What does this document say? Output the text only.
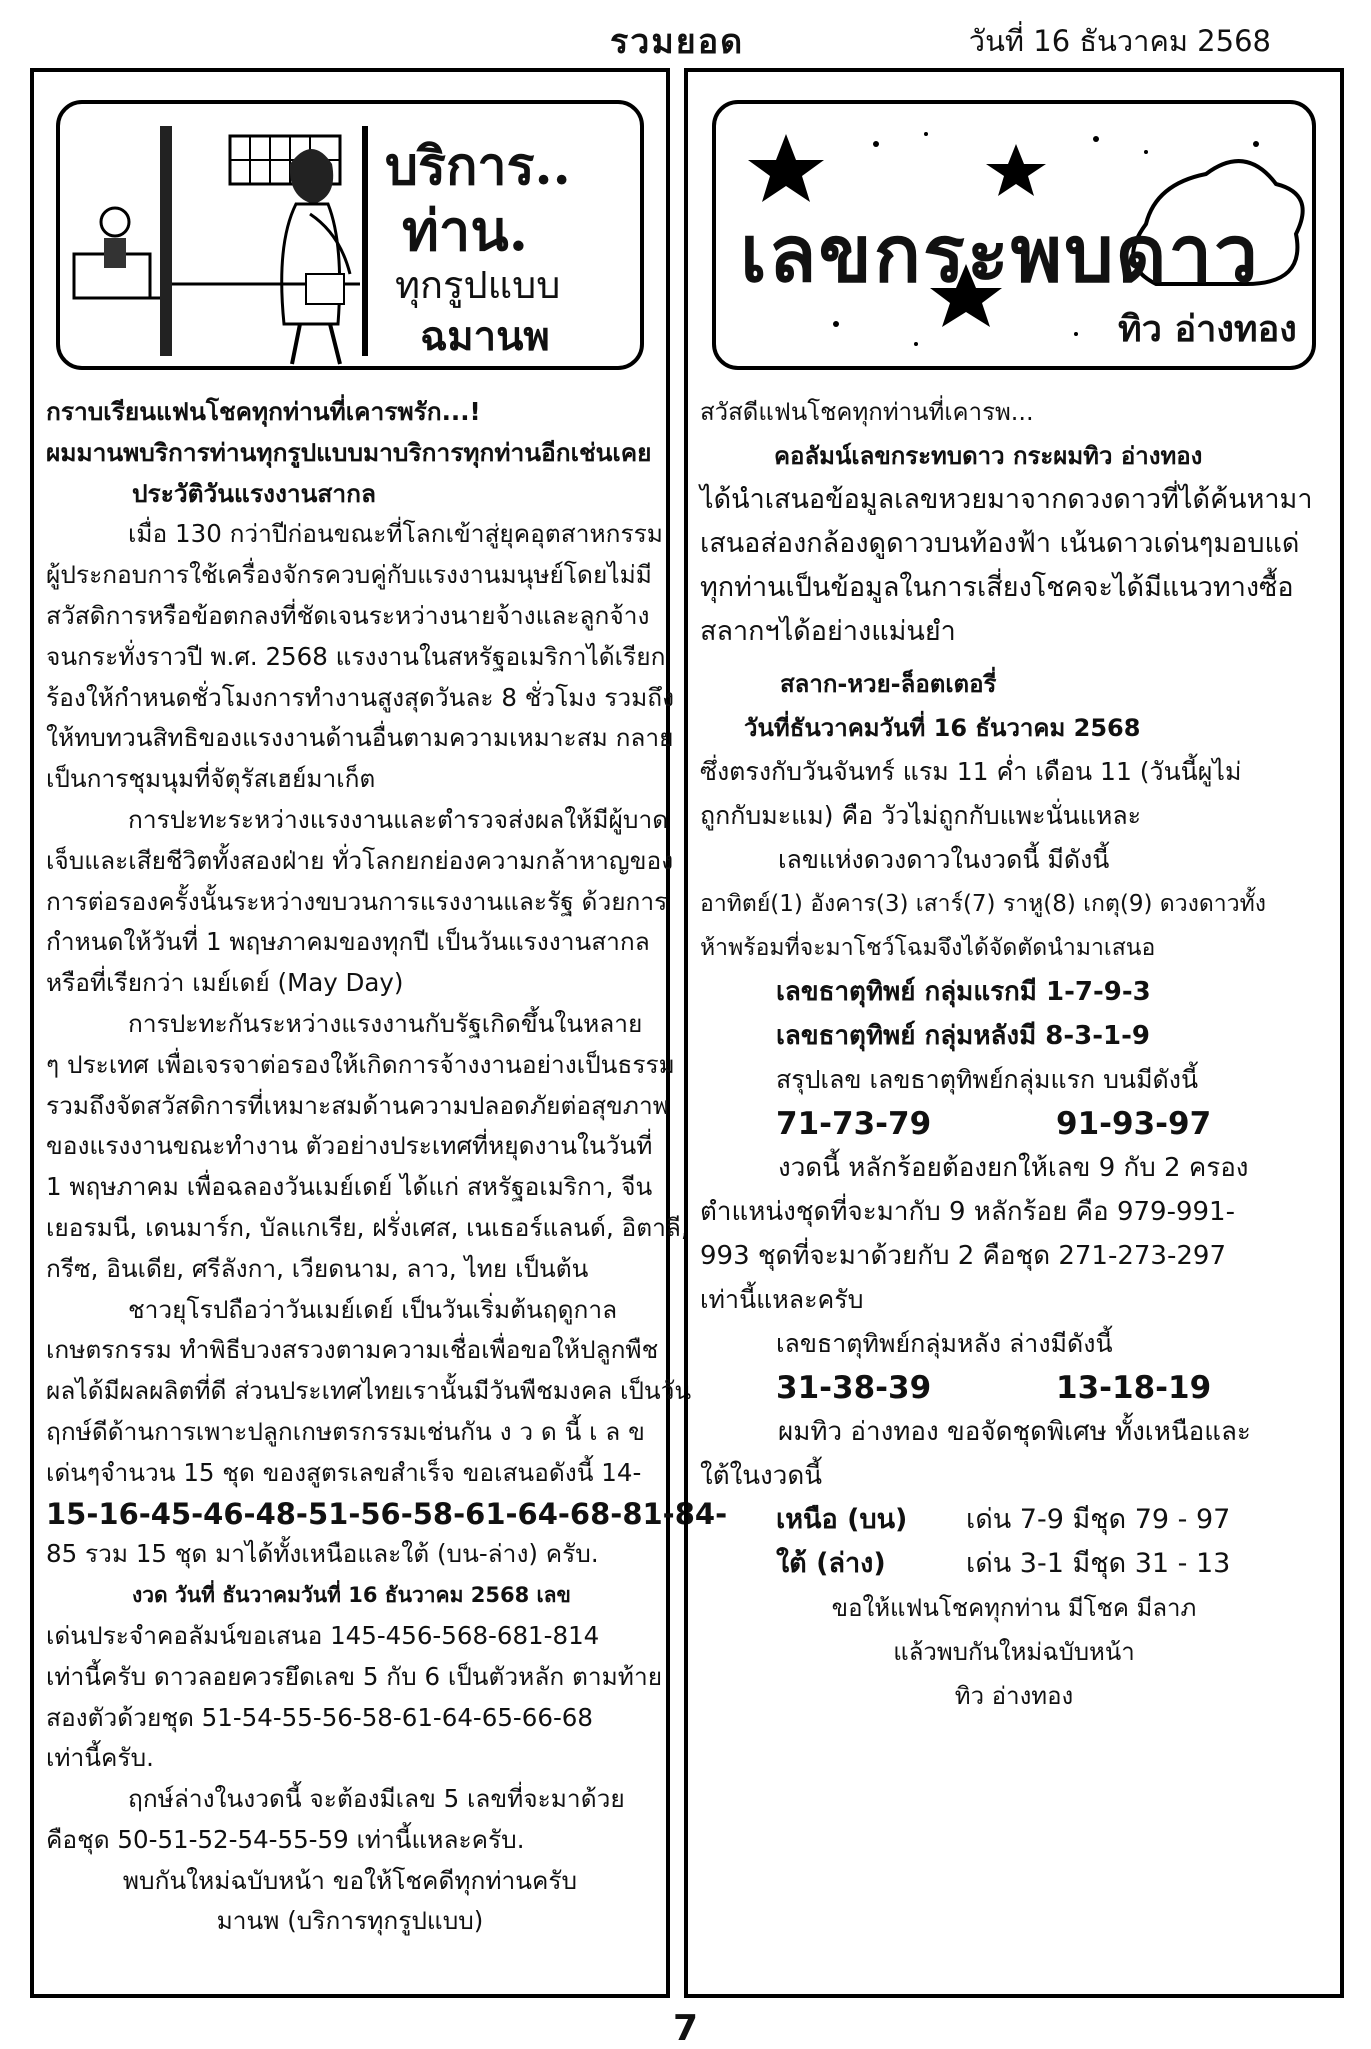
รวมยอด	วันที่ 16 ธันวาคม 2568
บริการ..
ท่าน.
ทุกรูปแบบ
ฉมานพ
กราบเรียนแฟนโชคทุกท่านที่เคารพรัก...!
ผมมานพบริการท่านทุกรูปแบบมาบริการทุกท่านอีกเช่นเคย
ประวัติวันแรงงานสากล
เมื่อ 130 กว่าปีก่อนขณะที่โลกเข้าสู่ยุคอุตสาหกรรม
ผู้ประกอบการใช้เครื่องจักรควบคู่กับแรงงานมนุษย์โดยไม่มี
สวัสดิการหรือข้อตกลงที่ชัดเจนระหว่างนายจ้างและลูกจ้าง
จนกระทั่งราวปี พ.ศ. 2568 แรงงานในสหรัฐอเมริกาได้เรียก
ร้องให้กำหนดชั่วโมงการทำงานสูงสุดวันละ 8 ชั่วโมง รวมถึง
ให้ทบทวนสิทธิของแรงงานด้านอื่นตามความเหมาะสม กลาย
เป็นการชุมนุมที่จัตุรัสเฮย์มาเก็ต
การปะทะระหว่างแรงงานและตำรวจส่งผลให้มีผู้บาด
เจ็บและเสียชีวิตทั้งสองฝ่าย ทั่วโลกยกย่องความกล้าหาญของ
การต่อรองครั้งนั้นระหว่างขบวนการแรงงานและรัฐ ด้วยการ
กำหนดให้วันที่ 1 พฤษภาคมของทุกปี เป็นวันแรงงานสากล
หรือที่เรียกว่า เมย์เดย์ (May Day)
การปะทะกันระหว่างแรงงานกับรัฐเกิดขึ้นในหลาย
ๆ ประเทศ เพื่อเจรจาต่อรองให้เกิดการจ้างงานอย่างเป็นธรรม
รวมถึงจัดสวัสดิการที่เหมาะสมด้านความปลอดภัยต่อสุขภาพ
ของแรงงานขณะทำงาน ตัวอย่างประเทศที่หยุดงานในวันที่
1 พฤษภาคม เพื่อฉลองวันเมย์เดย์ ได้แก่ สหรัฐอเมริกา, จีน
เยอรมนี, เดนมาร์ก, บัลแกเรีย, ฝรั่งเศส, เนเธอร์แลนด์, อิตาลี,
กรีซ, อินเดีย, ศรีลังกา, เวียดนาม, ลาว, ไทย เป็นต้น
ชาวยุโรปถือว่าวันเมย์เดย์ เป็นวันเริ่มต้นฤดูกาล
เกษตรกรรม ทำพิธีบวงสรวงตามความเชื่อเพื่อขอให้ปลูกพืช
ผลได้มีผลผลิตที่ดี ส่วนประเทศไทยเรานั้นมีวันพืชมงคล เป็นวัน
ฤกษ์ดีด้านการเพาะปลูกเกษตรกรรมเช่นกัน ง ว ด นี้ เ ล ข
เด่นๆจำนวน 15 ชุด ของสูตรเลขสำเร็จ ขอเสนอดังนี้ 14-
15-16-45-46-48-51-56-58-61-64-68-81-84-
85 รวม 15 ชุด มาได้ทั้งเหนือและใต้ (บน-ล่าง) ครับ.
งวด วันที่ ธันวาคมวันที่ 16 ธันวาคม 2568 เลข
เด่นประจำคอลัมน์ขอเสนอ 145-456-568-681-814
เท่านี้ครับ ดาวลอยควรยึดเลข 5 กับ 6 เป็นตัวหลัก ตามท้าย
สองตัวด้วยชุด 51-54-55-56-58-61-64-65-66-68
เท่านี้ครับ.
ฤกษ์ล่างในงวดนี้ จะต้องมีเลข 5 เลขที่จะมาด้วย
คือชุด 50-51-52-54-55-59 เท่านี้แหละครับ.
พบกันใหม่ฉบับหน้า ขอให้โชคดีทุกท่านครับ
มานพ (บริการทุกรูปแบบ)
เลขกระพบดาว
ทิว อ่างทอง
สวัสดีแฟนโชคทุกท่านที่เคารพ...
คอลัมน์เลขกระทบดาว กระผมทิว อ่างทอง
ได้นำเสนอข้อมูลเลขหวยมาจากดวงดาวที่ได้ค้นหามา
เสนอส่องกล้องดูดาวบนท้องฟ้า เน้นดาวเด่นๆมอบแด่
ทุกท่านเป็นข้อมูลในการเสี่ยงโชคจะได้มีแนวทางซื้อ
สลากฯได้อย่างแม่นยำ
สลาก-หวย-ล็อตเตอรี่
วันที่ธันวาคมวันที่ 16 ธันวาคม 2568
ซึ่งตรงกับวันจันทร์ แรม 11 ค่ำ เดือน 11 (วันนี้ผูไม่
ถูกกับมะแม) คือ วัวไม่ถูกกับแพะนั่นแหละ
เลขแห่งดวงดาวในงวดนี้ มีดังนี้
อาทิตย์(1) อังคาร(3) เสาร์(7) ราหู(8) เกตุ(9) ดวงดาวทั้ง
ห้าพร้อมที่จะมาโชว์โฉมจึงได้จัดตัดนำมาเสนอ
เลขธาตุทิพย์ กลุ่มแรกมี 1-7-9-3
เลขธาตุทิพย์ กลุ่มหลังมี 8-3-1-9
สรุปเลข เลขธาตุทิพย์กลุ่มแรก บนมีดังนี้
71-73-79	91-93-97
งวดนี้ หลักร้อยต้องยกให้เลข 9 กับ 2 ครอง
ตำแหน่งชุดที่จะมากับ 9 หลักร้อย คือ 979-991-
993 ชุดที่จะมาด้วยกับ 2 คือชุด 271-273-297
เท่านี้แหละครับ
เลขธาตุทิพย์กลุ่มหลัง ล่างมีดังนี้
31-38-39	13-18-19
ผมทิว อ่างทอง ขอจัดชุดพิเศษ ทั้งเหนือและ
ใต้ในงวดนี้
เหนือ (บน) เด่น 7-9 มีชุด 79 - 97
ใต้ (ล่าง)	เด่น 3-1 มีชุด 31 - 13
ขอให้แฟนโชคทุกท่าน มีโชค มีลาภ
แล้วพบกันใหม่ฉบับหน้า
ทิว อ่างทอง
7
